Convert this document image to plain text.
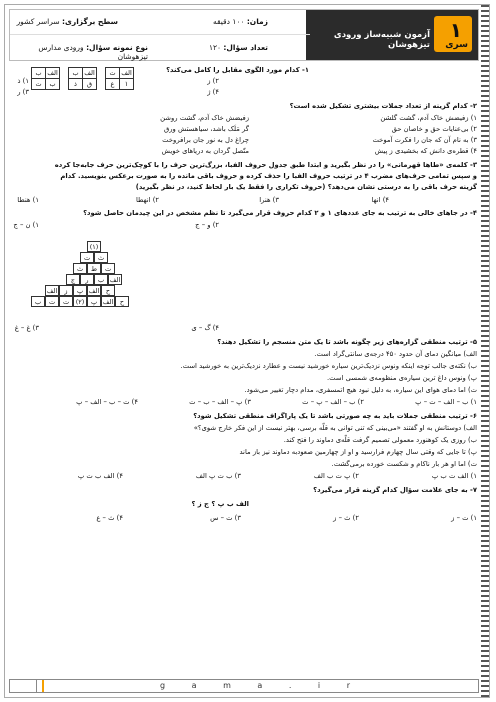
۱
سری
آزمون شبیه‌ساز ورودی تیزهوشان
زمان: ۱۰۰ دقیقه
سطح برگزاری: سراسر کشور
تعداد سؤال: ۱۲۰
نوع نمونه سؤال: ورودی مدارس تیزهوشان
۱- کدام مورد الگوی مقابل را کامل می‌کند؟
۱) ذ	۲) ز
۳) ر	۴) ژ
ب	الف		ب	الف		ت	الف
ت	ب		ذ	ق		ع	۱
۲- کدام گزینه از تعداد جملات بیشتری تشکیل شده است؟
۱) زفیضش خاک آدم، گشت گلشن
زفیضش خاک آدم، گشت روشن
۲) بی‌عنایات حق و خاصان حق
گر مَلَک باشد، سیاهستش ورق
۳) به نام آن که جان را فکرت آموخت
چراغ دل به نور جان برافروخت
۴) قطره‌ی دانش که بخشیدی ز پیش
متّصل گردان به دریاهای خویش
۳- کلمه‌ی «طاها قهرمانی» را در نظر بگیرید و ابتدا طبق جدول حروف الفبا، بزرگ‌ترین حرف را با کوچک‌ترین حرف جابه‌جا کرده
و سپس تمامی حرف‌های مضرب ۴ در ترتیب حروف الفبا را حذف کرده و حروف باقی مانده را به صورت برعکس بنویسید. کدام
گزینه حرف باقی را به درستی نشان می‌دهد؟ (حروف تکراری را فقط یک بار لحاظ کنید، در نظر بگیرید)
۱) هنطا	۲) انهطا	۳) هنرا	۴) انها
۴- در جاهای خالی به ترتیب به جای عددهای ۱ و ۲ کدام حروف قرار می‌گیرد تا نظم مشخص در این چیدمان حاصل شود؟
۱) ن – ج	۲) و – ج
(۱)
ت	ث
ث	ط	ت
ج	ر	ب الف
الف	ز	پ الف	ح
ب	ت	ت	(۲)	پ الف	ح
۳) غ – غ	۴) گ – ی
۵- ترتیب منطقی گزاره‌های زیر چگونه باشد تا یک متن منسجم را تشکیل دهند؟
الف) میانگین دمای آن حدود ۴۵۰ درجه‌ی سانتی‌گراد است.
ب) نکته‌ی جالب توجه اینکه ونوس نزدیک‌ترین سیاره خورشید نیست و عطارد نزدیک‌ترین به خورشید است.
پ) ونوس داغ ترین سیاره‌ی منظومه‌ی شمسی است.
ت) اما دمای هوای این سیاره، به دلیل نبود هیچ اتمسفری، مدام دچار تغییر می‌شود.
۱) ب – الف – ت – پ
۲) ب – الف – پ – ت
۳) پ – الف – ب – ت
۴) ت – ب – الف – پ
۶- ترتیب منطقی جملات باید به چه صورتی باشد تا یک پاراگراف منطقی تشکیل شود؟
الف) دوستانش به او گفتند «می‌بینی که تنی توانی به قلّه برسی، بهتر نیست از این فکر خارج شوی؟»
ب) روزی یک کوهنورد معمولی تصمیم گرفت قلّه‌ی دماوند را فتح کند.
پ) تا جایی که وقتی سال چهارم فرارسید و او از چهارمین صعودبه دماوند نیز باز ماند
ت) اما او هر بار ناکام و شکست خورده برمی‌گشت.
۱) الف ت ب پ
۲) پ ت ب الف
۳) ب ت پ الف
۴) الف ب ت پ
۷- به جای علامت سؤال کدام گزینه قرار می‌گیرد؟
الف ب پ ؟ ج ز ؟
۱) ت – ز
۲) ث – ز
۳) ت – س
۴) ث – ع
g a m a . i r
